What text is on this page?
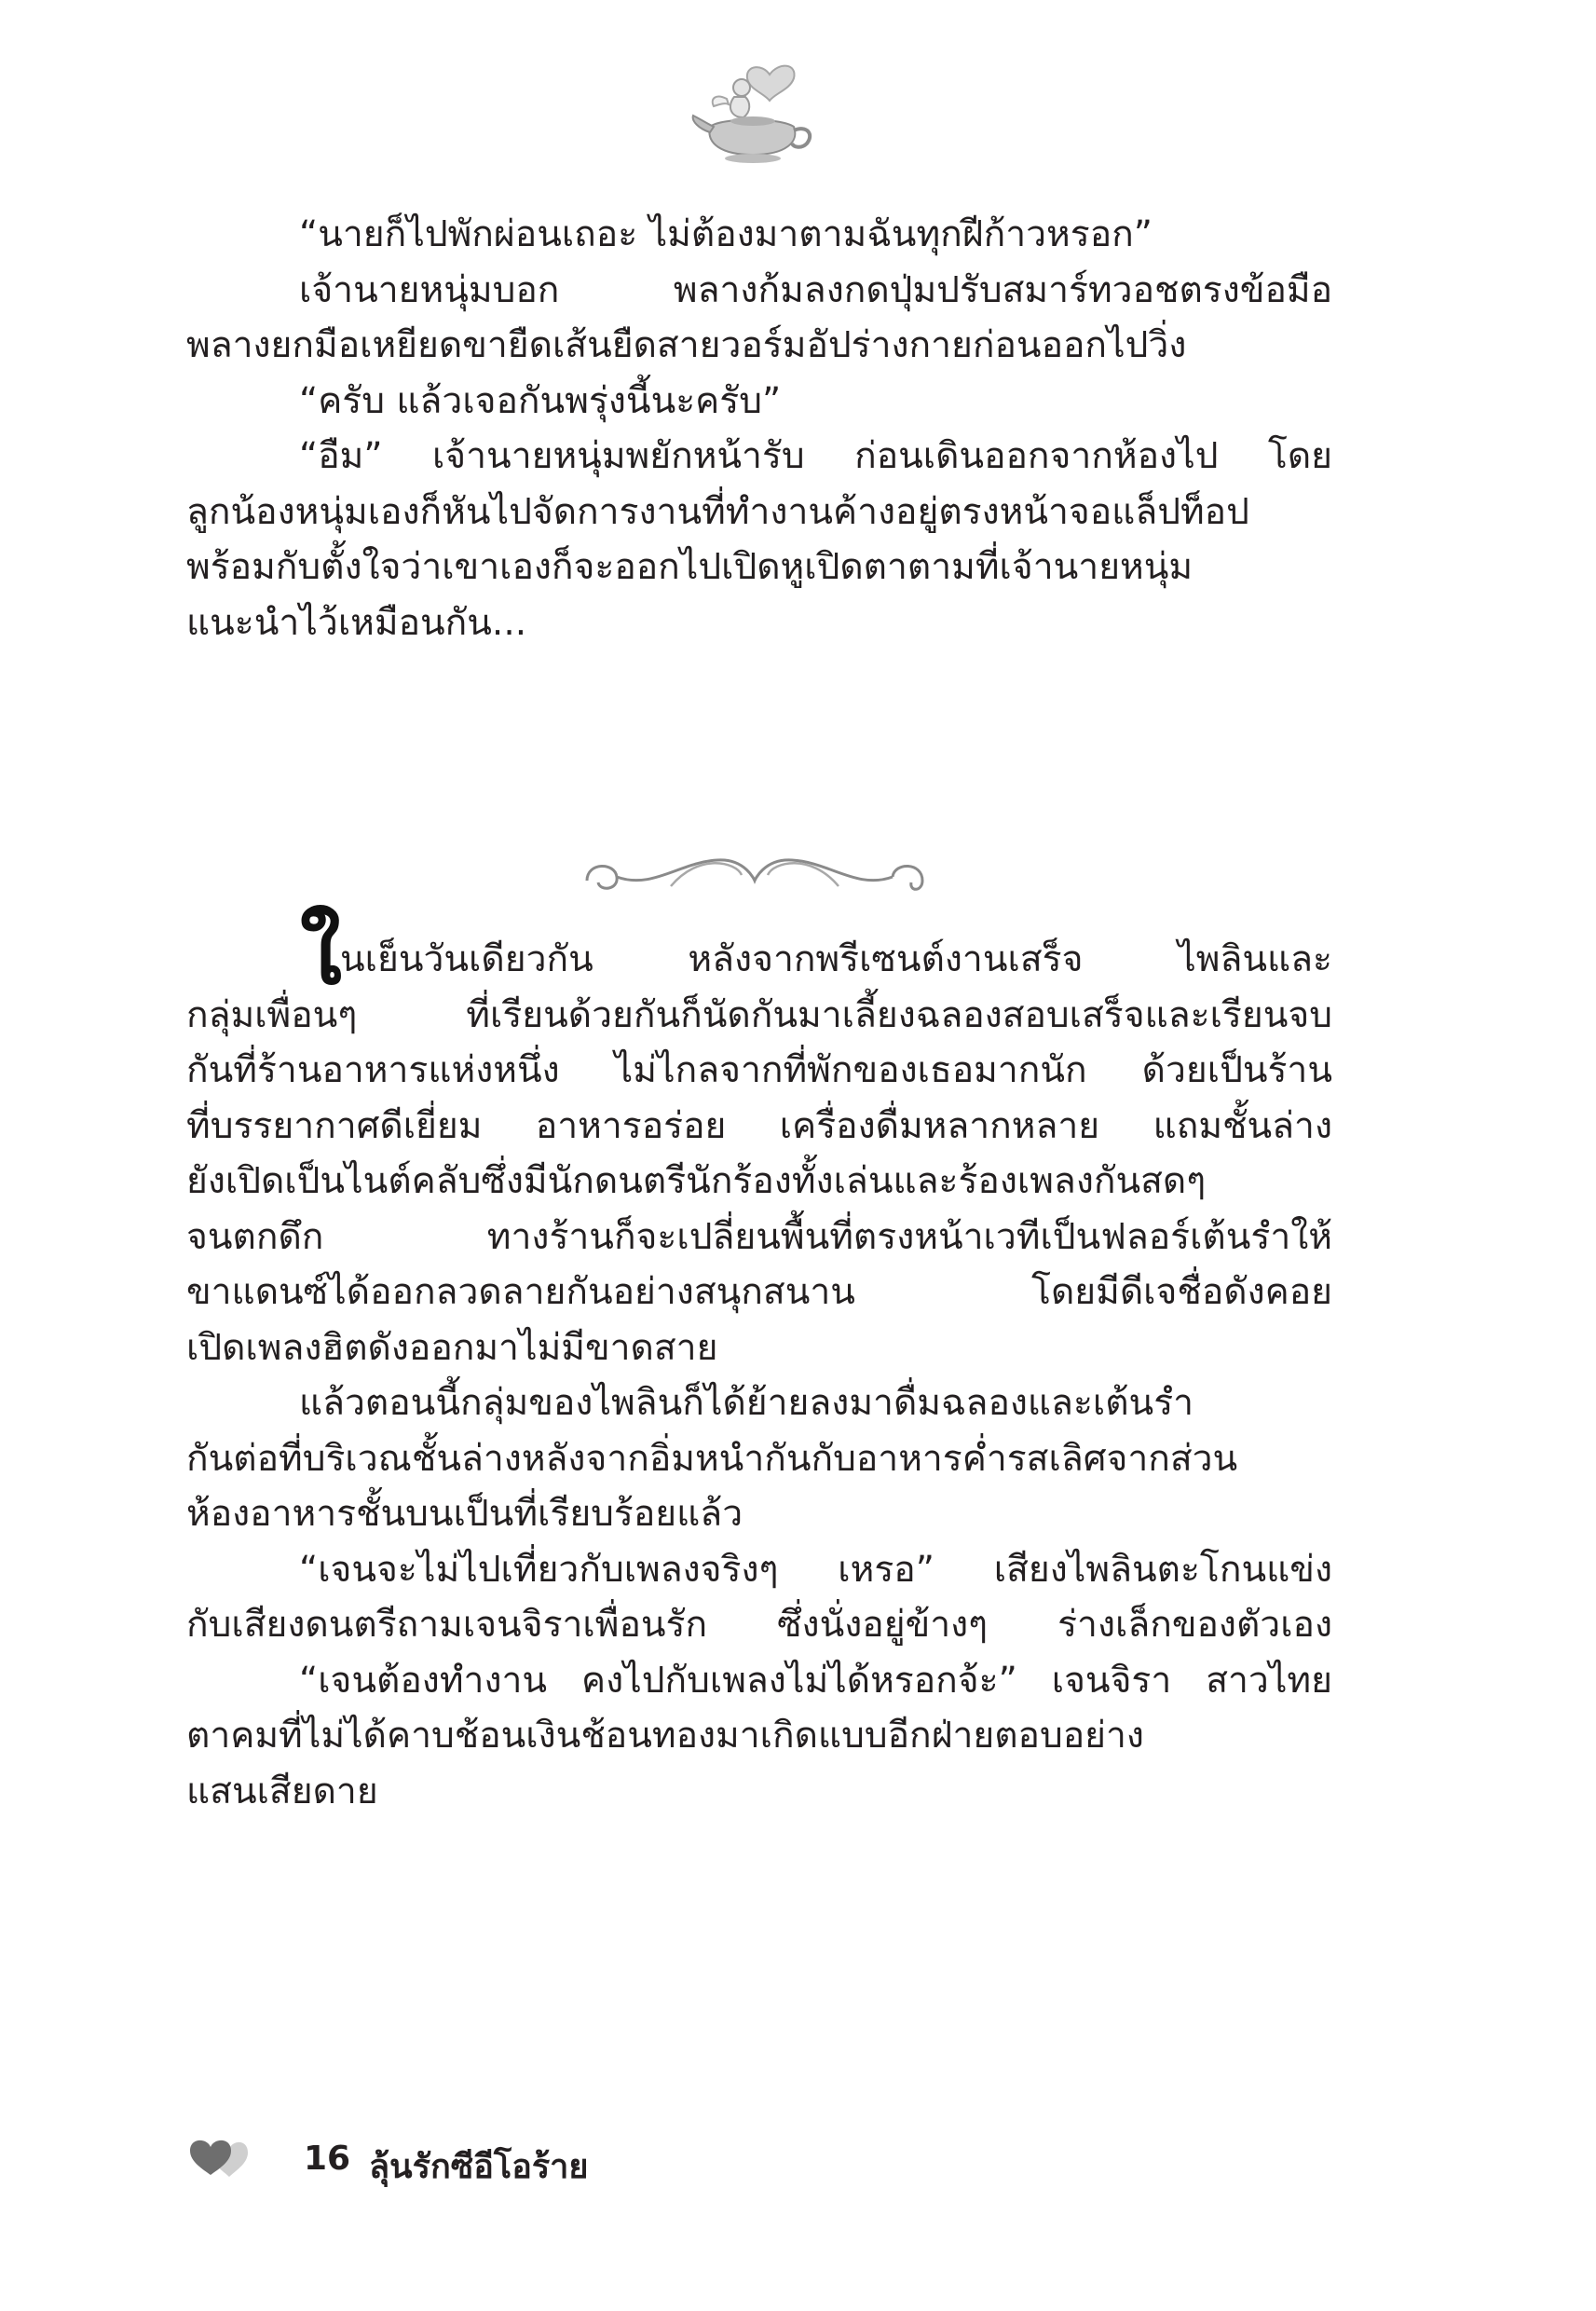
“นายก็ไปพักผ่อนเถอะ ไม่ต้องมาตามฉันทุกฝีก้าวหรอก”
เจ้านายหนุ่มบอก พลางก้มลงกดปุ่มปรับสมาร์ทวอชตรงข้อมือ
พลางยกมือเหยียดขายืดเส้นยืดสายวอร์มอัปร่างกายก่อนออกไปวิ่ง
“ครับ แล้วเจอกันพรุ่งนี้นะครับ”
“อืม” เจ้านายหนุ่มพยักหน้ารับ ก่อนเดินออกจากห้องไป โดย
ลูกน้องหนุ่มเองก็หันไปจัดการงานที่ทำงานค้างอยู่ตรงหน้าจอแล็ปท็อป
พร้อมกับตั้งใจว่าเขาเองก็จะออกไปเปิดหูเปิดตาตามที่เจ้านายหนุ่ม
แนะนำไว้เหมือนกัน...
ใ
นเย็นวันเดียวกัน หลังจากพรีเซนต์งานเสร็จ ไพลินและ
กลุ่มเพื่อนๆ ที่เรียนด้วยกันก็นัดกันมาเลี้ยงฉลองสอบเสร็จและเรียนจบ
กันที่ร้านอาหารแห่งหนึ่ง ไม่ไกลจากที่พักของเธอมากนัก ด้วยเป็นร้าน
ที่บรรยากาศดีเยี่ยม อาหารอร่อย เครื่องดื่มหลากหลาย แถมชั้นล่าง
ยังเปิดเป็นไนต์คลับซึ่งมีนักดนตรีนักร้องทั้งเล่นและร้องเพลงกันสดๆ
จนตกดึก ทางร้านก็จะเปลี่ยนพื้นที่ตรงหน้าเวทีเป็นฟลอร์เต้นรำให้
ขาแดนซ์ได้ออกลวดลายกันอย่างสนุกสนาน โดยมีดีเจชื่อดังคอย
เปิดเพลงฮิตดังออกมาไม่มีขาดสาย
แล้วตอนนี้กลุ่มของไพลินก็ได้ย้ายลงมาดื่มฉลองและเต้นรำ
กันต่อที่บริเวณชั้นล่างหลังจากอิ่มหนำกันกับอาหารค่ำรสเลิศจากส่วน
ห้องอาหารชั้นบนเป็นที่เรียบร้อยแล้ว
“เจนจะไม่ไปเที่ยวกับเพลงจริงๆ เหรอ” เสียงไพลินตะโกนแข่ง
กับเสียงดนตรีถามเจนจิราเพื่อนรัก ซึ่งนั่งอยู่ข้างๆ ร่างเล็กของตัวเอง
“เจนต้องทำงาน คงไปกับเพลงไม่ได้หรอกจ้ะ” เจนจิรา สาวไทย
ตาคมที่ไม่ได้คาบช้อนเงินช้อนทองมาเกิดแบบอีกฝ่ายตอบอย่าง
แสนเสียดาย
16 ลุ้นรักซีอีโอร้าย
